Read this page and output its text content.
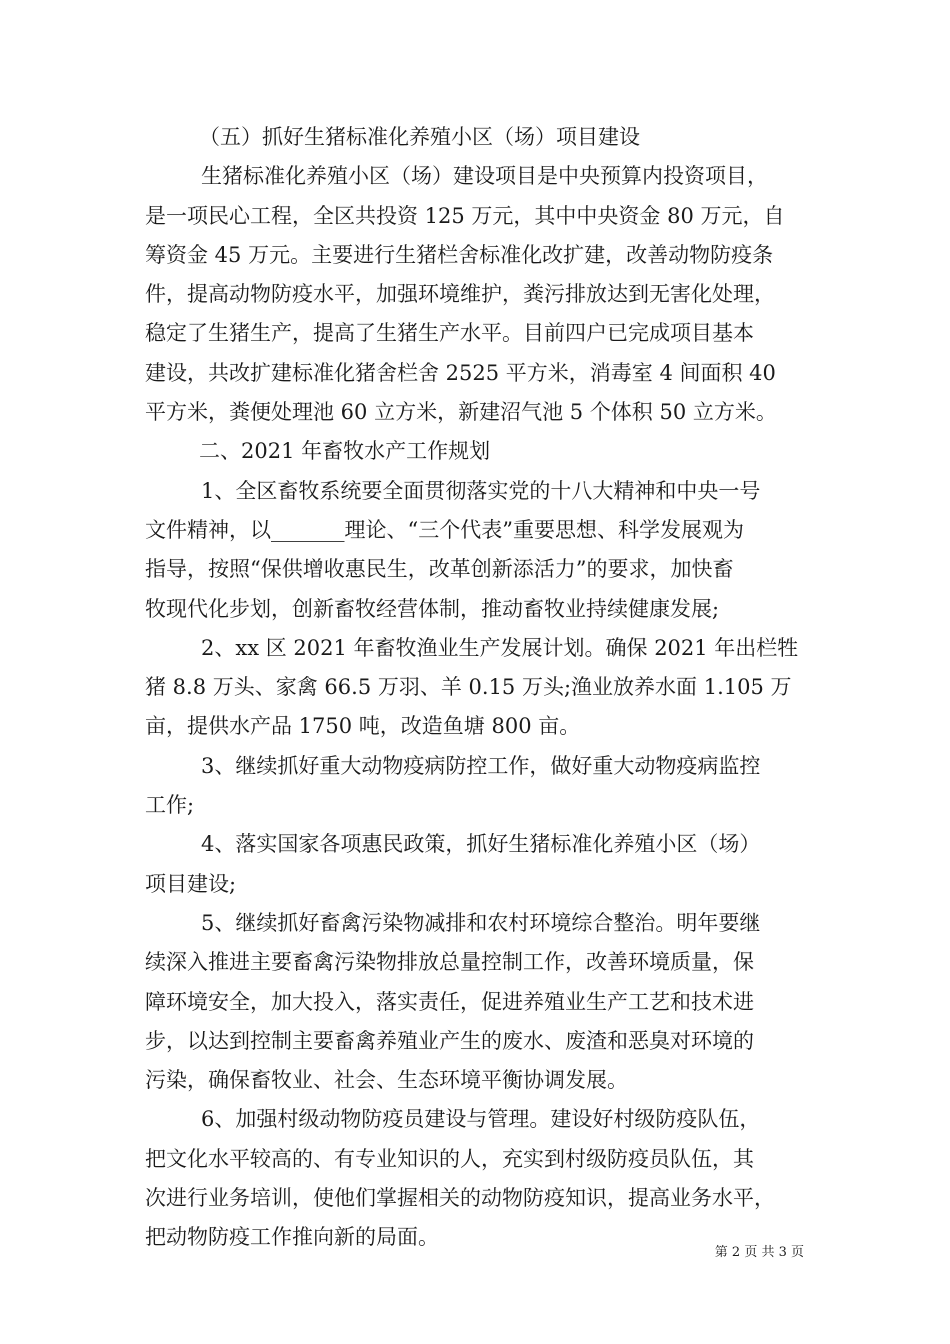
（五）抓好生猪标准化养殖小区（场）项目建设
生猪标准化养殖小区（场）建设项目是中央预算内投资项目，
是一项民心工程，全区共投资 125 万元，其中中央资金 80 万元，自
筹资金 45 万元。主要进行生猪栏舍标准化改扩建，改善动物防疫条
件，提高动物防疫水平，加强环境维护，粪污排放达到无害化处理，
稳定了生猪生产，提高了生猪生产水平。目前四户已完成项目基本
建设，共改扩建标准化猪舍栏舍 2525 平方米，消毒室 4 间面积 40
平方米，粪便处理池 60 立方米，新建沼气池 5 个体积 50 立方米。
二、2021 年畜牧水产工作规划
1、全区畜牧系统要全面贯彻落实党的十八大精神和中央一号
文件精神，以_______理论、“三个代表”重要思想、科学发展观为
指导，按照“保供增收惠民生，改革创新添活力”的要求，加快畜
牧现代化步划，创新畜牧经营体制，推动畜牧业持续健康发展;
2、xx 区 2021 年畜牧渔业生产发展计划。确保 2021 年出栏牲
猪 8.8 万头、家禽 66.5 万羽、羊 0.15 万头;渔业放养水面 1.105 万
亩，提供水产品 1750 吨，改造鱼塘 800 亩。
3、继续抓好重大动物疫病防控工作，做好重大动物疫病监控
工作;
4、落实国家各项惠民政策，抓好生猪标准化养殖小区（场）
项目建设;
5、继续抓好畜禽污染物减排和农村环境综合整治。明年要继
续深入推进主要畜禽污染物排放总量控制工作，改善环境质量，保
障环境安全，加大投入，落实责任，促进养殖业生产工艺和技术进
步，以达到控制主要畜禽养殖业产生的废水、废渣和恶臭对环境的
污染，确保畜牧业、社会、生态环境平衡协调发展。
6、加强村级动物防疫员建设与管理。建设好村级防疫队伍，
把文化水平较高的、有专业知识的人，充实到村级防疫员队伍，其
次进行业务培训，使他们掌握相关的动物防疫知识，提高业务水平，
把动物防疫工作推向新的局面。
第 2 页 共 3 页
